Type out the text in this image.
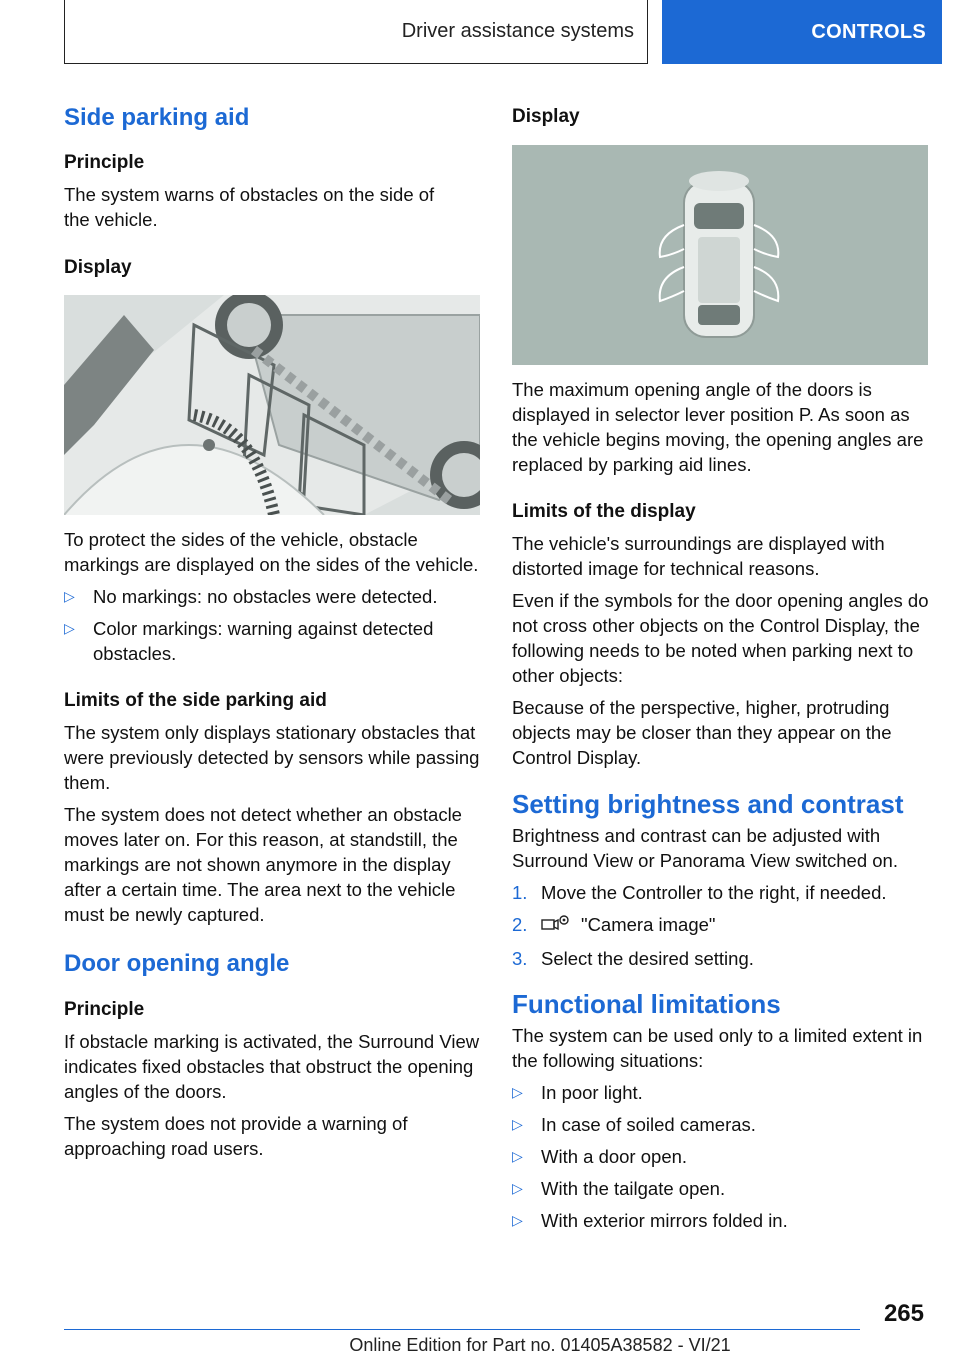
Driver assistance systems	CONTROLS
Side parking aid
Principle

The system warns of obstacles on the side of the vehicle.

Display

To protect the sides of the vehicle, obstacle markings are displayed on the sides of the vehicle.

▷ No markings: no obstacles were detected.
▷ Color markings: warning against detected obstacles.
Limits of the side parking aid

The system only displays stationary obstacles that were previously detected by sensors while passing them.

The system does not detect whether an obstacle moves later on. For this reason, at standstill, the markings are not shown anymore in the display after a certain time. The area next to the vehicle must be newly captured.

Door opening angle
Principle

If obstacle marking is activated, the Surround View indicates fixed obstacles that obstruct the opening angles of the doors.

The system does not provide a warning of approaching road users.

Display

The maximum opening angle of the doors is displayed in selector lever position P. As soon as the vehicle begins moving, the opening angles are replaced by parking aid lines.

Limits of the display

The vehicle's surroundings are displayed with distorted image for technical reasons.

Even if the symbols for the door opening angles do not cross other objects on the Control Display, the following needs to be noted when parking next to other objects:

Because of the perspective, higher, protruding objects may be closer than they appear on the Control Display.

Setting brightness and contrast

Brightness and contrast can be adjusted with Surround View or Panorama View switched on.

1. Move the Controller to the right, if needed.
2.	"Camera image"
3. Select the desired setting.
Functional limitations

The system can be used only to a limited extent in the following situations:

▷ In poor light.
▷ In case of soiled cameras.
▷ With a door open.
▷ With the tailgate open.
▷ With exterior mirrors folded in.
265
Online Edition for Part no. 01405A38582 - VI/21
